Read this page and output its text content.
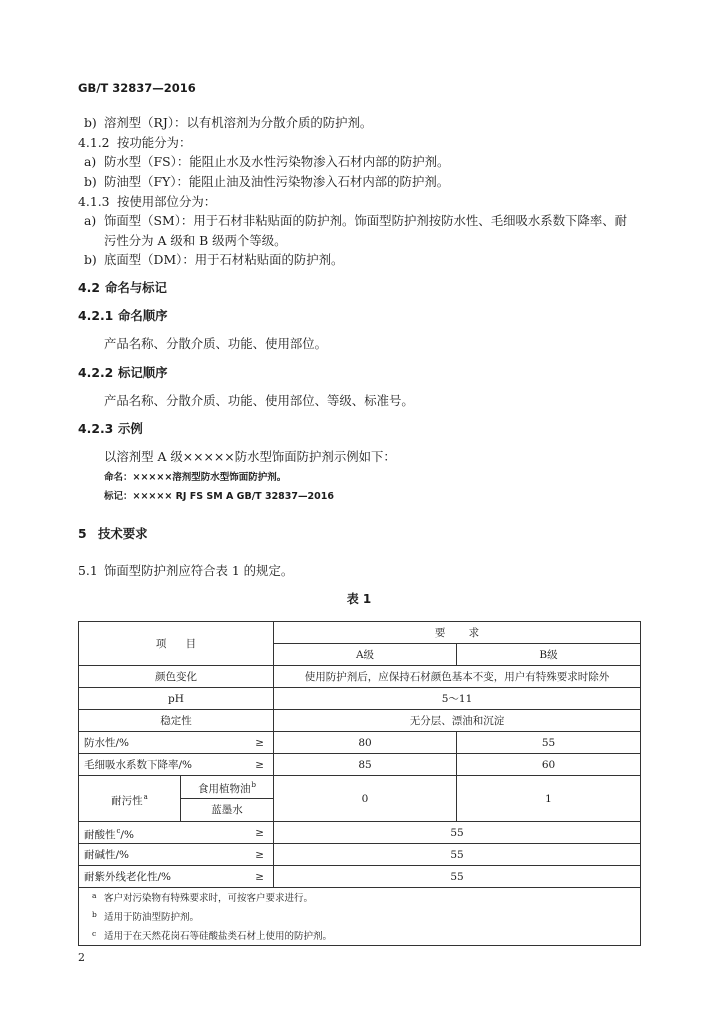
GB/T 32837—2016
b) 溶剂型（RJ）：以有机溶剂为分散介质的防护剂。
4.1.2 按功能分为：
a) 防水型（FS）：能阻止水及水性污染物渗入石材内部的防护剂。
b) 防油型（FY）：能阻止油及油性污染物渗入石材内部的防护剂。
4.1.3 按使用部位分为：
a) 饰面型（SM）：用于石材非粘贴面的防护剂。饰面型防护剂按防水性、毛细吸水系数下降率、耐
污性分为 A 级和 B 级两个等级。
b) 底面型（DM）：用于石材粘贴面的防护剂。
4.2 命名与标记
4.2.1 命名顺序
产品名称、分散介质、功能、使用部位。
4.2.2 标记顺序
产品名称、分散介质、功能、使用部位、等级、标准号。
4.2.3 示例
以溶剂型 A 级×××××防水型饰面防护剂示例如下：
命名：×××××溶剂型防水型饰面防护剂。
标记：××××× RJ FS SM A GB/T 32837—2016
5 技术要求
5.1 饰面型防护剂应符合表 1 的规定。
表 1
项 目		要 求	
		A级	B级
颜色变化		使用防护剂后，应保持石材颜色基本不变，用户有特殊要求时除外	
pH		5～11	
稳定性		无分层、漂油和沉淀	

防水性/% ≥		80	55

毛细吸水系数下降率/% ≥		85	60
耐污性$^a$	食用植物油$^b$	0	1
	蓝墨水		

耐酸性$^c$/% ≥		55	

耐碱性/% ≥		55	

耐紫外线老化性/% ≥		55	

a 客户对污染物有特殊要求时，可按客户要求进行。
b 适用于防油型防护剂。
c 适用于在天然花岗石等硅酸盐类石材上使用的防护剂。			
2
